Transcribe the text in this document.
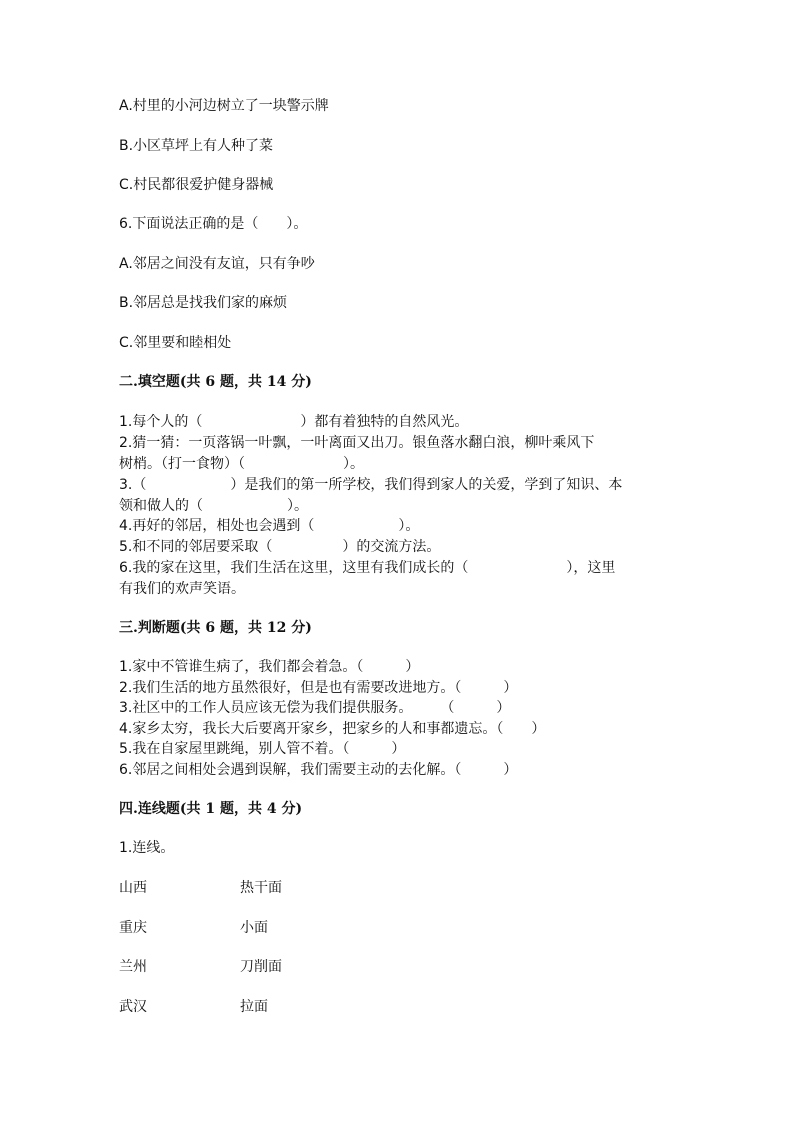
A.村里的小河边树立了一块警示牌
B.小区草坪上有人种了菜
C.村民都很爱护健身器械
6.下面说法正确的是（　　）。
A.邻居之间没有友谊，只有争吵
B.邻居总是找我们家的麻烦
C.邻里要和睦相处
二.填空题(共 6 题，共 14 分)
1.每个人的（　　　　　　　）都有着独特的自然风光。
2.猜一猜：一页落锅一叶飘，一叶离面又出刀。银鱼落水翻白浪，柳叶乘风下
树梢。（打一食物）（　　　　　　　）。
3.（　　　　　　）是我们的第一所学校，我们得到家人的关爱，学到了知识、本
领和做人的（　　　　　　）。
4.再好的邻居，相处也会遇到（　　　　　　）。
5.和不同的邻居要采取（　　　　　）的交流方法。
6.我的家在这里，我们生活在这里，这里有我们成长的（　　　　　　　），这里
有我们的欢声笑语。
三.判断题(共 6 题，共 12 分)
1.家中不管谁生病了，我们都会着急。（　　　）
2.我们生活的地方虽然很好，但是也有需要改进地方。（　　　）
3.社区中的工作人员应该无偿为我们提供服务。　　　（　　　）
4.家乡太穷，我长大后要离开家乡，把家乡的人和事都遗忘。（　　）
5.我在自家屋里跳绳，别人管不着。（　　　）
6.邻居之间相处会遇到误解，我们需要主动的去化解。（　　　）
四.连线题(共 1 题，共 4 分)
1.连线。
山西	热干面
重庆	小面
兰州	刀削面
武汉	拉面
